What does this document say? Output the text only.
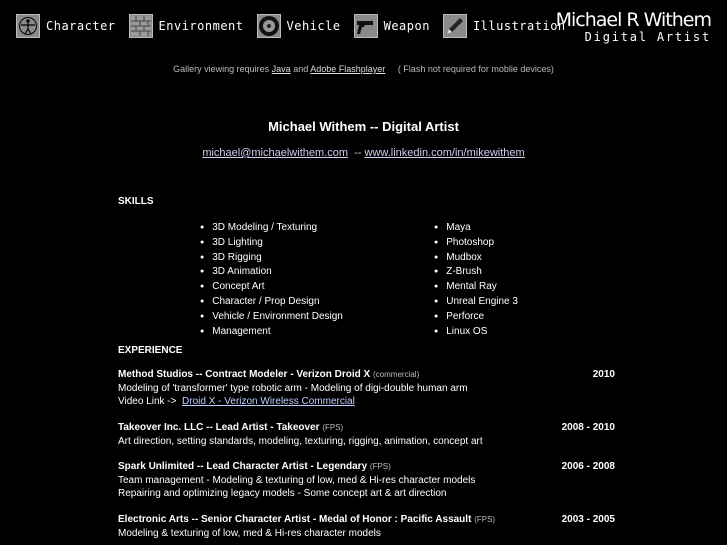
Character	Environment	Vehicle	Weapon	Illustration
Michael R Withem
Digital Artist
Gallery viewing requires Java and Adobe Flashplayer ( Flash not required for moblie devices)
Michael Withem -- Digital Artist
michael@michaelwithem.com -- www.linkedin.com/in/mikewithem
SKILLS
● 3D Modeling / Texturing
● 3D Lighting
● 3D Rigging
● 3D Animation
● Concept Art
● Character / Prop Design
● Vehicle / Environment Design
● Management
● Maya
● Photoshop
● Mudbox
● Z-Brush
● Mental Ray
● Unreal Engine 3
● Perforce
● Linux OS
EXPERIENCE
Method Studios -- Contract Modeler - Verizon Droid X (commercial)	2010
Modeling of 'transformer' type robotic arm - Modeling of digi-double human arm
Video Link -> Droid X - Verizon Wireless Commercial
Takeover Inc. LLC -- Lead Artist - Takeover (FPS)	2008 - 2010
Art direction, setting standards, modeling, texturing, rigging, animation, concept art
Spark Unlimited -- Lead Character Artist - Legendary (FPS)	2006 - 2008
Team management - Modeling & texturing of low, med & Hi-res character models
Repairing and optimizing legacy models - Some concept art & art direction
Electronic Arts -- Senior Character Artist - Medal of Honor : Pacific Assault (FPS)	2003 - 2005
Modeling & texturing of low, med & Hi-res character models
